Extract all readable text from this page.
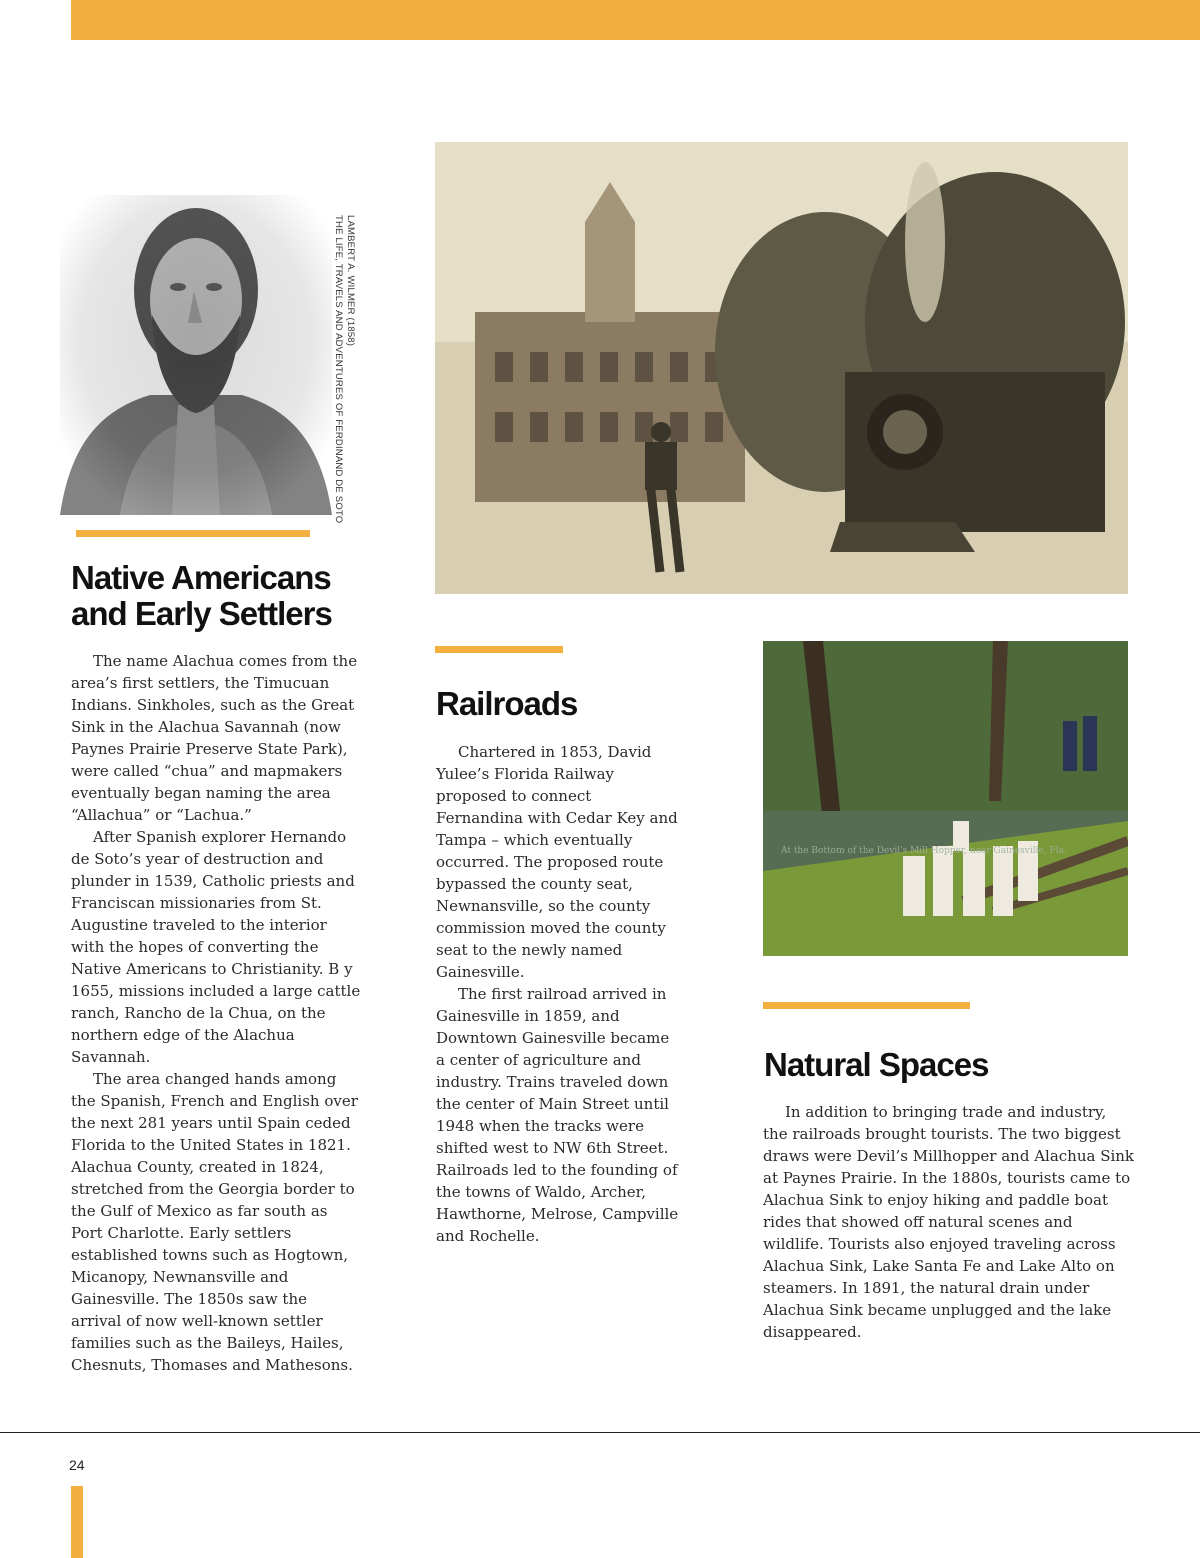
LAMBERT A. WILMER (1858)
THE LIFE, TRAVELS AND ADVENTURES OF FERDINAND DE SOTO
Native Americans
and Early Settlers

The name Alachua comes from the area’s first settlers, the Timucuan Indians. Sinkholes, such as the Great Sink in the Alachua Savannah (now Paynes Prairie Preserve State Park), were called “chua” and mapmakers eventually began naming the area “Allachua” or “Lachua.”

After Spanish explorer Hernando de Soto’s year of destruction and plunder in 1539, Catholic priests and Franciscan missionaries from St. Augustine traveled to the interior with the hopes of converting the Native Americans to Christianity. B y 1655, missions included a large cattle ranch, Rancho de la Chua, on the northern edge of the Alachua Savannah.

The area changed hands among the Spanish, French and English over the next 281 years until Spain ceded Florida to the United States in 1821. Alachua County, created in 1824, stretched from the Georgia border to the Gulf of Mexico as far south as Port Charlotte. Early settlers established towns such as Hogtown, Micanopy, Newnansville and Gainesville. The 1850s saw the arrival of now well-known settler families such as the Baileys, Hailes, Chesnuts, Thomases and Mathesons.

Railroads

Chartered in 1853, David Yulee’s Florida Railway proposed to connect Fernandina with Cedar Key and Tampa – which eventually occurred. The proposed route bypassed the county seat, Newnansville, so the county commission moved the county seat to the newly named Gainesville.

The first railroad arrived in Gainesville in 1859, and Downtown Gainesville became a center of agriculture and industry. Trains traveled down the center of Main Street until 1948 when the tracks were shifted west to NW 6th Street. Railroads led to the founding of the towns of Waldo, Archer, Hawthorne, Melrose, Campville and Rochelle.

At the Bottom of the Devil's Mill Hopper, near Gainesville, Fla.
Natural Spaces

In addition to bringing trade and industry, the railroads brought tourists. The two biggest draws were Devil’s Millhopper and Alachua Sink at Paynes Prairie. In the 1880s, tourists came to Alachua Sink to enjoy hiking and paddle boat rides that showed off natural scenes and wildlife. Tourists also enjoyed traveling across Alachua Sink, Lake Santa Fe and Lake Alto on steamers. In 1891, the natural drain under Alachua Sink became unplugged and the lake disappeared.

24
